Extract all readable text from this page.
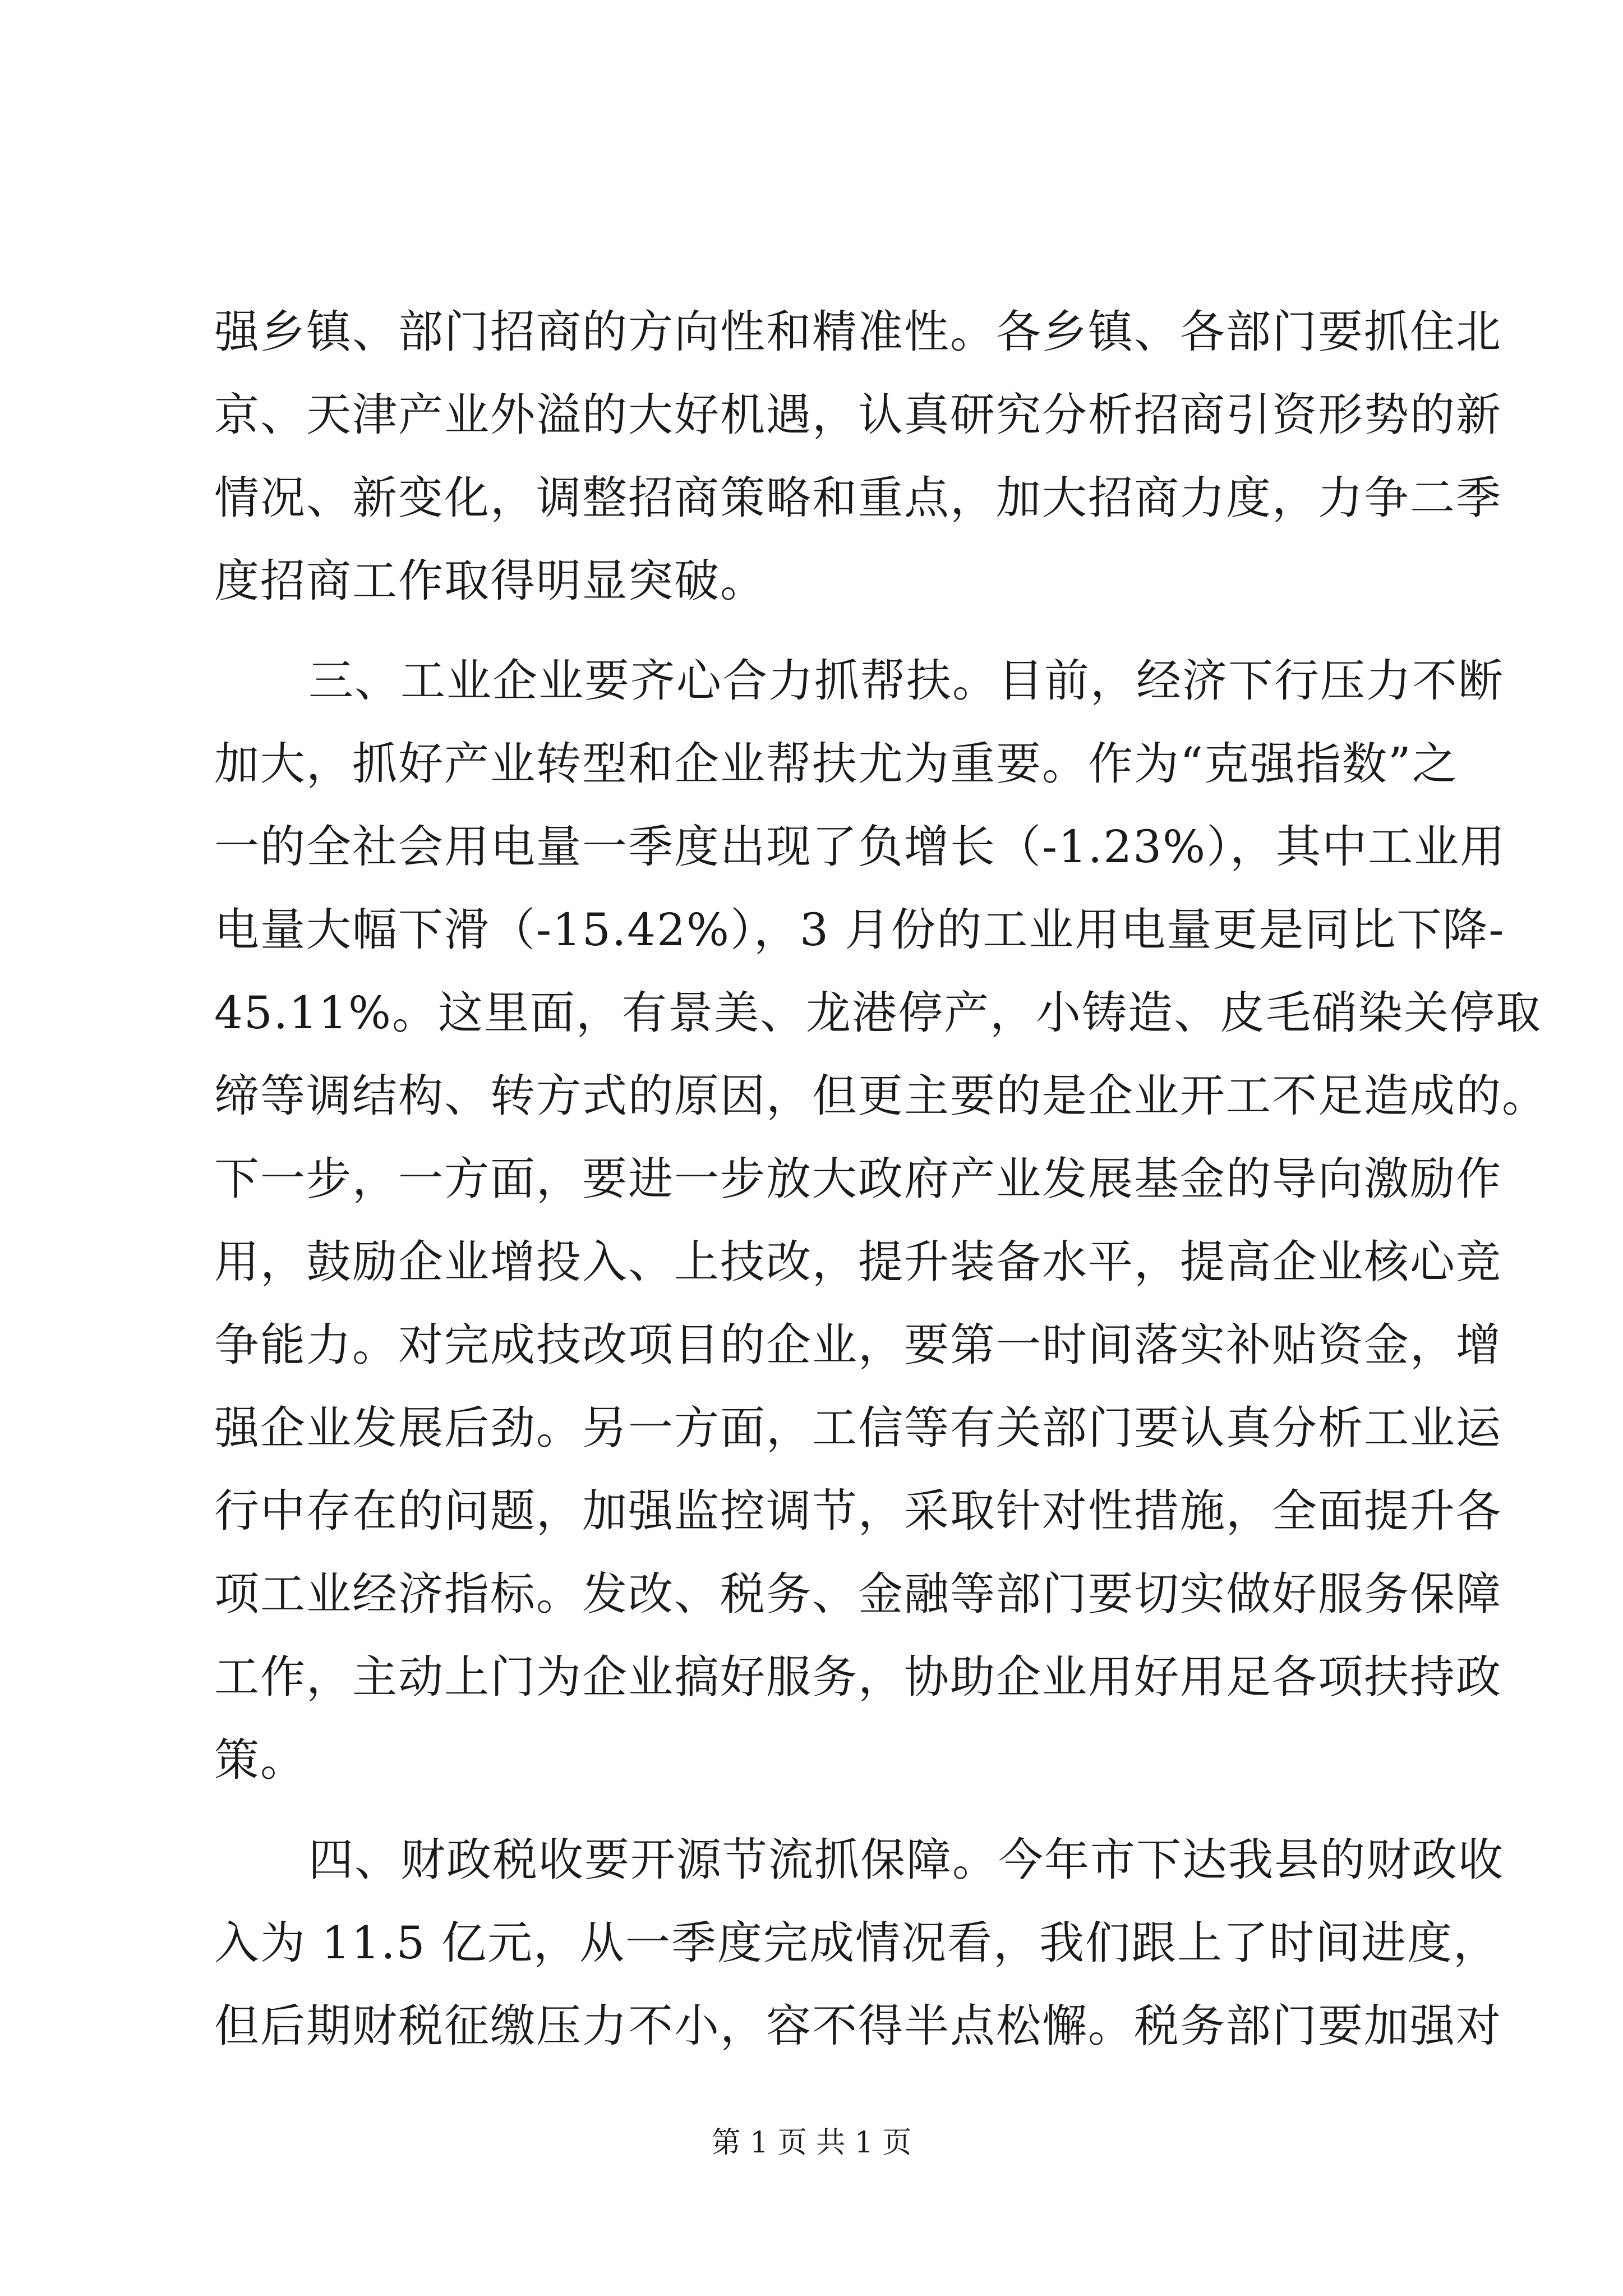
强乡镇、部门招商的方向性和精准性。各乡镇、各部门要抓住北
京、天津产业外溢的大好机遇，认真研究分析招商引资形势的新
情况、新变化，调整招商策略和重点，加大招商力度，力争二季
度招商工作取得明显突破。
三、工业企业要齐心合力抓帮扶。目前，经济下行压力不断
加大，抓好产业转型和企业帮扶尤为重要。作为“克强指数”之
一的全社会用电量一季度出现了负增长（-1.23%），其中工业用
电量大幅下滑（-15.42%），3 月份的工业用电量更是同比下降-
45.11%。这里面，有景美、龙港停产，小铸造、皮毛硝染关停取
缔等调结构、转方式的原因，但更主要的是企业开工不足造成的。
下一步，一方面，要进一步放大政府产业发展基金的导向激励作
用，鼓励企业增投入、上技改，提升装备水平，提高企业核心竞
争能力。对完成技改项目的企业，要第一时间落实补贴资金，增
强企业发展后劲。另一方面，工信等有关部门要认真分析工业运
行中存在的问题，加强监控调节，采取针对性措施，全面提升各
项工业经济指标。发改、税务、金融等部门要切实做好服务保障
工作，主动上门为企业搞好服务，协助企业用好用足各项扶持政
策。
四、财政税收要开源节流抓保障。今年市下达我县的财政收
入为 11.5 亿元，从一季度完成情况看，我们跟上了时间进度，
但后期财税征缴压力不小，容不得半点松懈。税务部门要加强对
第 1 页 共 1 页
